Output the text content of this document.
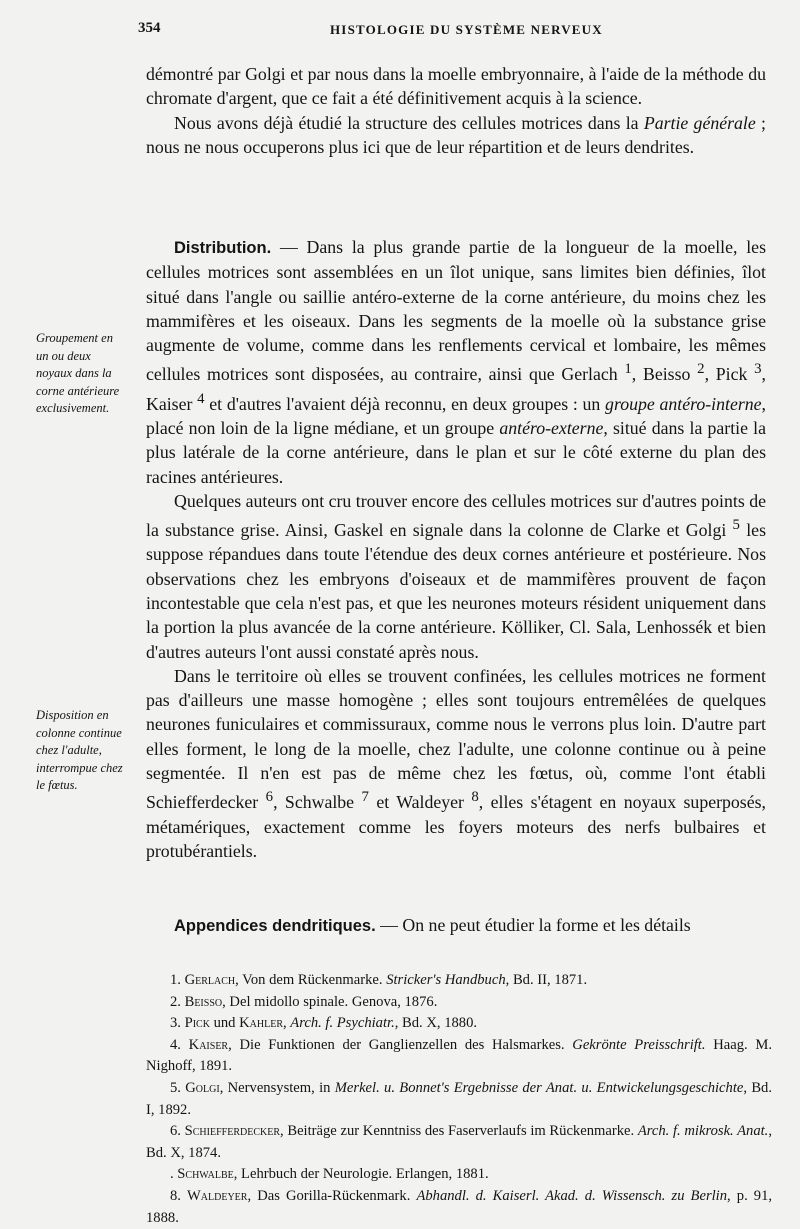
354	HISTOLOGIE DU SYSTÈME NERVEUX

démontré par Golgi et par nous dans la moelle embryonnaire, à l'aide de la méthode du chromate d'argent, que ce fait a été définitivement acquis à la science.

Nous avons déjà étudié la structure des cellules motrices dans la Partie générale ; nous ne nous occuperons plus ici que de leur répartition et de leurs dendrites.

Distribution. — Dans la plus grande partie de la longueur de la moelle, les cellules motrices sont assemblées en un îlot unique, sans limites bien définies, îlot situé dans l'angle ou saillie antéro-externe de la corne antérieure, du moins chez les mammifères et les oiseaux. Dans les segments de la moelle où la substance grise augmente de volume, comme dans les renflements cervical et lombaire, les mêmes cellules motrices sont disposées, au contraire, ainsi que Gerlach $^1$, Beisso $^2$, Pick $^3$, Kaiser $^4$ et d'autres l'avaient déjà reconnu, en deux groupes : un groupe antéro-interne, placé non loin de la ligne médiane, et un groupe antéro-externe, situé dans la partie la plus latérale de la corne antérieure, dans le plan et sur le côté externe du plan des racines antérieures.

Quelques auteurs ont cru trouver encore des cellules motrices sur d'autres points de la substance grise. Ainsi, Gaskel en signale dans la colonne de Clarke et Golgi $^5$ les suppose répandues dans toute l'étendue des deux cornes antérieure et postérieure. Nos observations chez les embryons d'oiseaux et de mammifères prouvent de façon incontestable que cela n'est pas, et que les neurones moteurs résident uniquement dans la portion la plus avancée de la corne antérieure. Kölliker, Cl. Sala, Lenhossék et bien d'autres auteurs l'ont aussi constaté après nous.

Dans le territoire où elles se trouvent confinées, les cellules motrices ne forment pas d'ailleurs une masse homogène ; elles sont toujours entremêlées de quelques neurones funiculaires et commissuraux, comme nous le verrons plus loin. D'autre part elles forment, le long de la moelle, chez l'adulte, une colonne continue ou à peine segmentée. Il n'en est pas de même chez les fœtus, où, comme l'ont établi Schiefferdecker $^6$, Schwalbe $^7$ et Waldeyer $^8$, elles s'étagent en noyaux superposés, métamériques, exactement comme les foyers moteurs des nerfs bulbaires et protubérantiels.

Appendices dendritiques. — On ne peut étudier la forme et les détails

Groupement en un ou deux noyaux dans la corne antérieure exclusivement.
Disposition en colonne continue chez l'adulte, interrompue chez le fœtus.
1. Gerlach, Von dem Rückenmarke. Stricker's Handbuch, Bd. II, 1871.
2. Beisso, Del midollo spinale. Genova, 1876.
3. Pick und Kahler, Arch. f. Psychiatr., Bd. X, 1880.
4. Kaiser, Die Funktionen der Ganglienzellen des Halsmarkes. Gekrönte Preisschrift. Haag. M. Nighoff, 1891.
5. Golgi, Nervensystem, in Merkel. u. Bonnet's Ergebnisse der Anat. u. Entwickelungsgeschichte, Bd. I, 1892.
6. Schiefferdecker, Beiträge zur Kenntniss des Faserverlaufs im Rückenmarke. Arch. f. mikrosk. Anat., Bd. X, 1874.
. Schwalbe, Lehrbuch der Neurologie. Erlangen, 1881.
8. Waldeyer, Das Gorilla-Rückenmark. Abhandl. d. Kaiserl. Akad. d. Wissensch. zu Berlin, p. 91, 1888.
